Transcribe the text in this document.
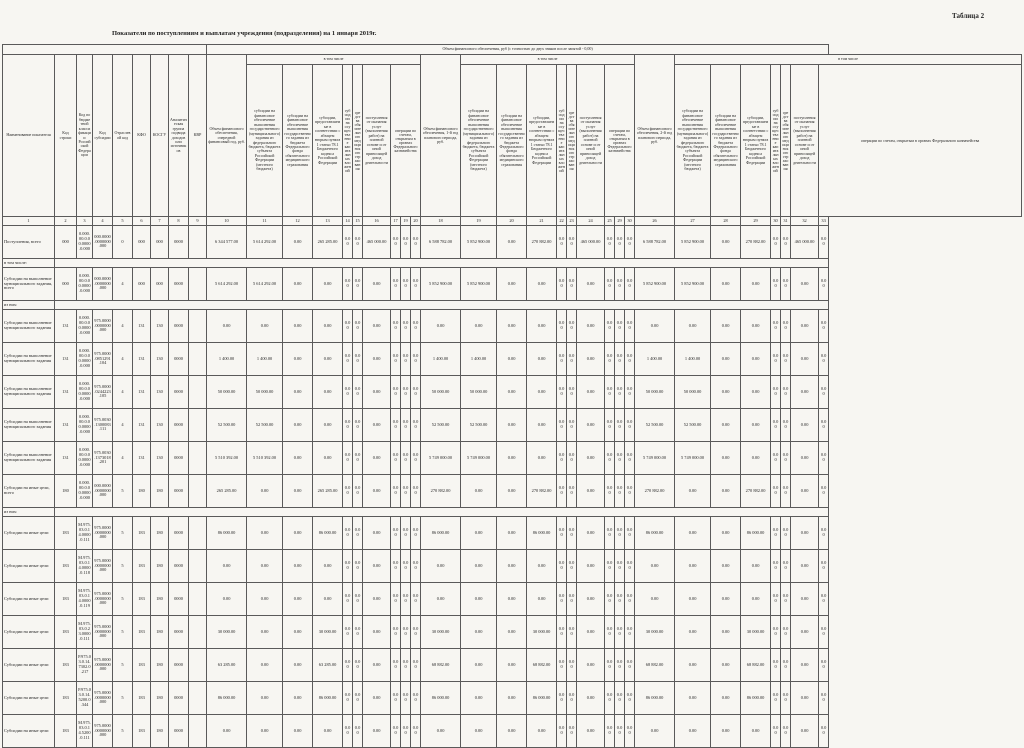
Таблица 2
Показатели по поступлениям и выплатам учреждения (подразделения) на 1 января 2019г.
									Объем финансового обеспечения, руб (с точностью до двух знаков после запятой - 0,00)																											
Наименование показателя	Код строки	Код по бюджетной классификации Российской Федерации	Код субсидии	Отраслевой код	КФО	КОСГУ	Аналитическая группа подвида доходов или источников	КВР	Объем финансового обеспечения, очередной финансовый год, руб.	в том числе									Объем финансового обеспечения, 1-й год планового периода, руб.	в том числе									Объем финансового обеспечения, 2-й год планового периода, руб.	в том числе						
										субсидии на финансовое обеспечение выполнения государственного (муниципального) задания из федерального бюджета, бюджета субъекта Российской Федерации (местного бюджета)	субсидии на финансовое обеспечение выполнения государственного задания из бюджета Федерального фонда обязательного медицинского страхования	субсидии, предоставляемые в соответствии с абзацем вторым пункта 1 статьи 78.1 Бюджетного кодекса Российской Федерации	субсидии на осуществление капитальных вложений	средства обязательного медицинского страхования	поступления от оказания услуг (выполнения работ) на платной основе и от иной приносящей доход деятельности	операции по счетам, открытым в органах Федерального казначейства				субсидии на финансовое обеспечение выполнения государственного (муниципального) задания из федерального бюджета, бюджета субъекта Российской Федерации (местного бюджета)	субсидии на финансовое обеспечение выполнения государственного задания из бюджета Федерального фонда обязательного медицинского страхования	субсидии, предоставляемые в соответствии с абзацем вторым пункта 1 статьи 78.1 Бюджетного кодекса Российской Федерации	субсидии на осуществление капитальных вложений	средства обязательного медицинского страхования	поступления от оказания услуг (выполнения работ) на платной основе и от иной приносящей доход деятельности	операции по счетам, открытым в органах Федерального казначейства				субсидии на финансовое обеспечение выполнения государственного (муниципального) задания из федерального бюджета, бюджета субъекта Российской Федерации (местного бюджета)	субсидии на финансовое обеспечение выполнения государственного задания из бюджета Федерального фонда обязательного медицинского страхования	субсидии, предоставляемые в соответствии с абзацем вторым пункта 1 статьи 78.1 Бюджетного кодекса Российской Федерации	субсидии на осуществление капитальных вложений	средства обязательного медицинского страхования	поступления от оказания услуг (выполнения работ) на платной основе и от иной приносящей доход деятельности	операции по счетам, открытым в органах Федерального казначейства
1	2	3	4	5	6	7	8	9	10	11	12	13	14	15	16	17	19	20	18	19	20	21	22	23	24	25	29	30	26	27	28	29	30	31	32	33
Поступления, всего	000	0.000.00.0.00.0000.0.000	000.0000.0000000.000	0	000	000	0000		6 344 577.00	5 614 292.00	0.00	265 285.00	0.00	0.00	465 000.00	0.00	0.00	0.00	6 588 782.00	5 852 900.00	0.00	270 882.00	0.00	0.00	465 000.00	0.00	0.00	0.00	6 588 782.00	5 852 900.00	0.00	270 882.00	0.00	0.00	465 000.00	0.00
в том числе:																																				
Субсидии на выполнение муниципального задания, всего	000	0.000.00.0.00.0000.0.000	000.0000.0000000.000	4	000	000	0000		5 614 292.00	5 614 292.00	0.00	0.00	0.00	0.00	0.00	0.00	0.00	0.00	5 852 900.00	5 852 900.00	0.00	0.00	0.00	0.00	0.00	0.00	0.00	0.00	5 852 900.00	5 852 900.00	0.00	0.00	0.00	0.00	0.00	0.00
из них:																																				
Субсидии на выполнение муниципального задания	131	0.000.00.0.00.0000.0.000	975.0000.0000000.000	4	131	130	0000		0.00	0.00	0.00	0.00	0.00	0.00	0.00	0.00	0.00	0.00	0.00	0.00	0.00	0.00	0.00	0.00	0.00	0.00	0.00	0.00	0.00	0.00	0.00	0.00	0.00	0.00	0.00	0.00
Субсидии на выполнение муниципального задания	131	0.000.00.0.00.0000.0.000	975.0000.0851291.104	4	131	130	0000		1 400.00	1 400.00	0.00	0.00	0.00	0.00	0.00	0.00	0.00	0.00	1 400.00	1 400.00	0.00	0.00	0.00	0.00	0.00	0.00	0.00	0.00	1 400.00	1 400.00	0.00	0.00	0.00	0.00	0.00	0.00
Субсидии на выполнение муниципального задания	131	0.000.00.0.00.0000.0.000	975.0000.0244223.105	4	131	130	0000		50 000.00	50 000.00	0.00	0.00	0.00	0.00	0.00	0.00	0.00	0.00	50 000.00	50 000.00	0.00	0.00	0.00	0.00	0.00	0.00	0.00	0.00	50 000.00	50 000.00	0.00	0.00	0.00	0.00	0.00	0.00
Субсидии на выполнение муниципального задания	131	0.000.00.0.00.0000.0.000	975.0030.1300083.111	4	131	130	0000		52 500.00	52 500.00	0.00	0.00	0.00	0.00	0.00	0.00	0.00	0.00	52 500.00	52 500.00	0.00	0.00	0.00	0.00	0.00	0.00	0.00	0.00	52 500.00	52 500.00	0.00	0.00	0.00	0.00	0.00	0.00
Субсидии на выполнение муниципального задания	131	0.000.00.0.00.0000.0.000	975.0030.1373018.201	4	131	130	0000		5 510 392.00	5 510 392.00	0.00	0.00	0.00	0.00	0.00	0.00	0.00	0.00	5 749 000.00	5 749 000.00	0.00	0.00	0.00	0.00	0.00	0.00	0.00	0.00	5 749 000.00	5 749 000.00	0.00	0.00	0.00	0.00	0.00	0.00
Субсидии на иные цели, всего	180	0.000.00.0.00.0000.0.000	000.0000.0000000.000	5	180	180	0000		265 285.00	0.00	0.00	265 285.00	0.00	0.00	0.00	0.00	0.00	0.00	270 882.00	0.00	0.00	270 882.00	0.00	0.00	0.00	0.00	0.00	0.00	270 882.00	0.00	0.00	270 882.00	0.00	0.00	0.00	0.00
из них:																																				
Субсидии на иные цели	183	М.975.03.0.14.0000.0.111	975.0000.0000000.000	5	183	180	0000		86 000.00	0.00	0.00	86 000.00	0.00	0.00	0.00	0.00	0.00	0.00	86 000.00	0.00	0.00	86 000.00	0.00	0.00	0.00	0.00	0.00	0.00	86 000.00	0.00	0.00	86 000.00	0.00	0.00	0.00	0.00
Субсидии на иные цели	183	М.975.03.0.14.0000.0.118	975.0000.0000000.000	5	183	180	0000		0.00	0.00	0.00	0.00	0.00	0.00	0.00	0.00	0.00	0.00	0.00	0.00	0.00	0.00	0.00	0.00	0.00	0.00	0.00	0.00	0.00	0.00	0.00	0.00	0.00	0.00	0.00	0.00
Субсидии на иные цели	183	М.975.03.0.14.0000.0.119	975.0000.0000000.000	5	183	180	0000		0.00	0.00	0.00	0.00	0.00	0.00	0.00	0.00	0.00	0.00	0.00	0.00	0.00	0.00	0.00	0.00	0.00	0.00	0.00	0.00	0.00	0.00	0.00	0.00	0.00	0.00	0.00	0.00
Субсидии на иные цели	183	М.975.03.0.23.0000.0.111	975.0000.0000000.000	5	183	180	0000		30 000.00	0.00	0.00	30 000.00	0.00	0.00	0.00	0.00	0.00	0.00	30 000.00	0.00	0.00	30 000.00	0.00	0.00	0.00	0.00	0.00	0.00	30 000.00	0.00	0.00	30 000.00	0.00	0.00	0.00	0.00
Субсидии на иные цели	183	Р.975.03.0.14.7302.0.217	975.0000.0000000.000	5	183	180	0000		63 285.00	0.00	0.00	63 285.00	0.00	0.00	0.00	0.00	0.00	0.00	68 882.00	0.00	0.00	68 882.00	0.00	0.00	0.00	0.00	0.00	0.00	68 882.00	0.00	0.00	68 882.00	0.00	0.00	0.00	0.00
Субсидии на иные цели	183	Р.975.03.0.14.5200.0.344	975.0000.0000000.000	5	183	180	0000		86 000.00	0.00	0.00	86 000.00	0.00	0.00	0.00	0.00	0.00	0.00	86 000.00	0.00	0.00	86 000.00	0.00	0.00	0.00	0.00	0.00	0.00	86 000.00	0.00	0.00	86 000.00	0.00	0.00	0.00	0.00
Субсидии на иные цели	183	М.975.03.0.14.5200.0.111	975.0000.0000000.000	5	183	180	0000		0.00	0.00	0.00	0.00	0.00	0.00	0.00	0.00	0.00	0.00	0.00	0.00	0.00	0.00	0.00	0.00	0.00	0.00	0.00	0.00	0.00	0.00	0.00	0.00	0.00	0.00	0.00	0.00
